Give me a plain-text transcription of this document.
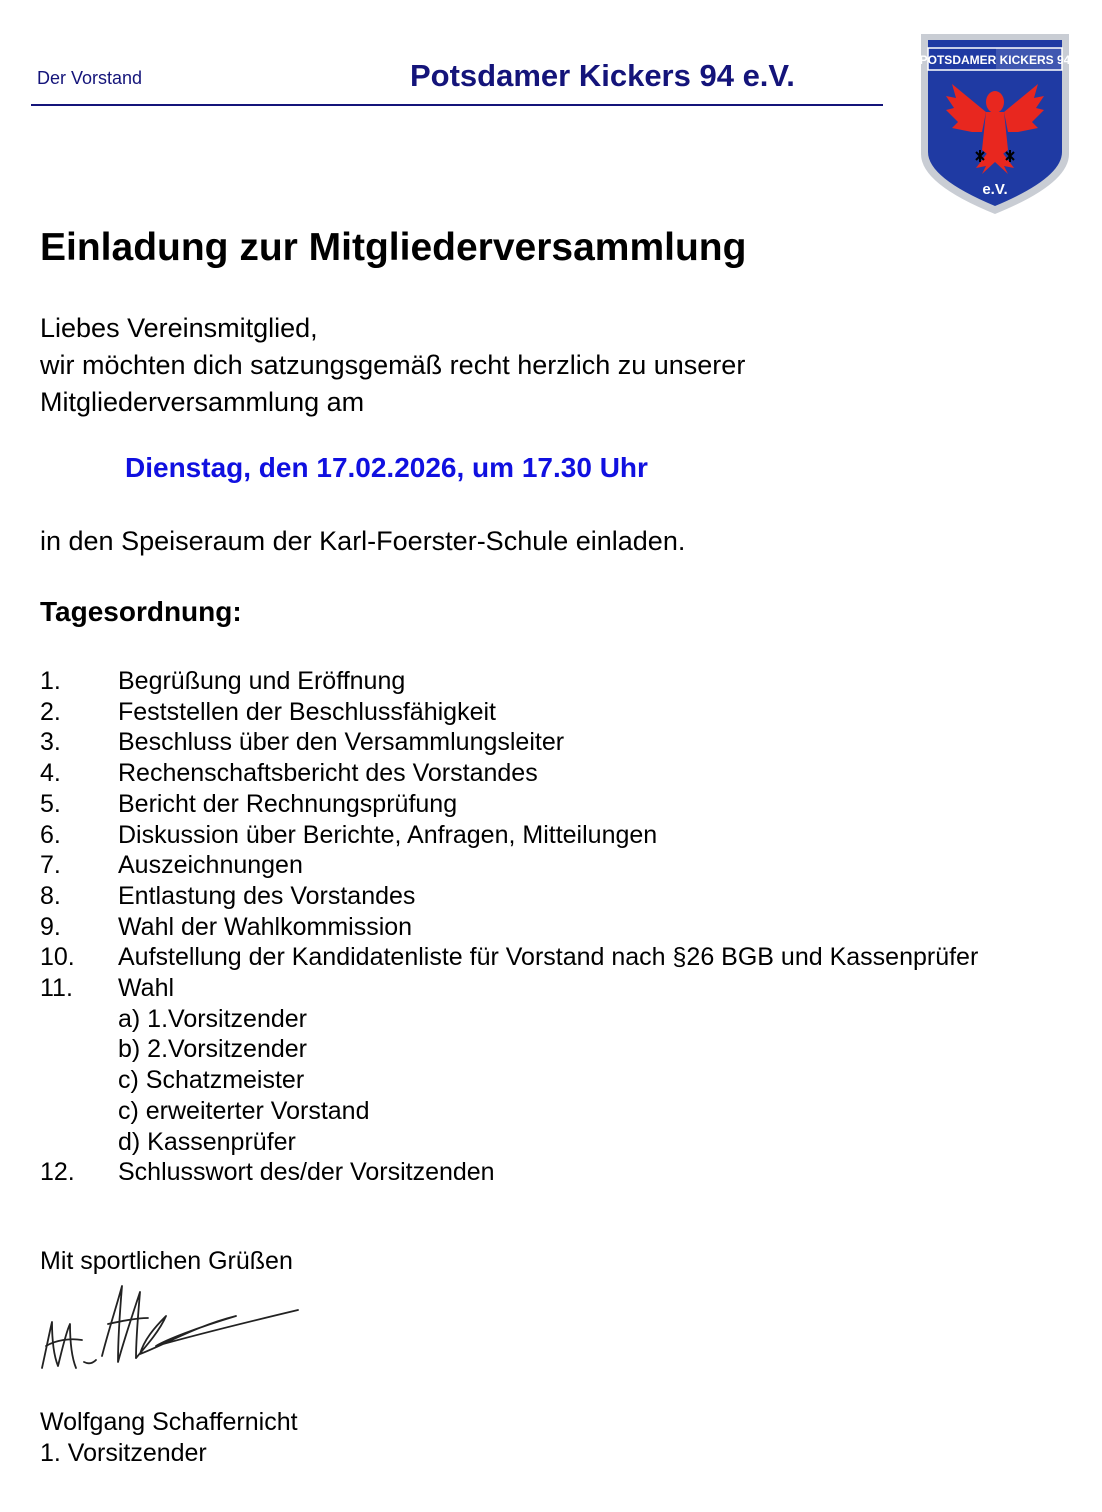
Der Vorstand	Potsdamer Kickers 94 e.V.	POTSDAMER KICKERS 94
e.V.
Einladung zur Mitgliederversammlung
Liebes Vereinsmitglied,
wir möchten dich satzungsgemäß recht herzlich zu unserer
Mitgliederversammlung am
Dienstag, den 17.02.2026, um 17.30 Uhr
in den Speiseraum der Karl-Foerster-Schule einladen.
Tagesordnung:
1.	Begrüßung und Eröffnung
2.	Feststellen der Beschlussfähigkeit
3.	Beschluss über den Versammlungsleiter
4.	Rechenschaftsbericht des Vorstandes
5.	Bericht der Rechnungsprüfung
6.	Diskussion über Berichte, Anfragen, Mitteilungen
7.	Auszeichnungen
8.	Entlastung des Vorstandes
9.	Wahl der Wahlkommission
10.	Aufstellung der Kandidatenliste für Vorstand nach §26 BGB und Kassenprüfer
11.	Wahl
a) 1.Vorsitzender
b) 2.Vorsitzender
c) Schatzmeister
c) erweiterter Vorstand
d) Kassenprüfer
12.	Schlusswort des/der Vorsitzenden
Mit sportlichen Grüßen
Wolfgang Schaffernicht
1. Vorsitzender
